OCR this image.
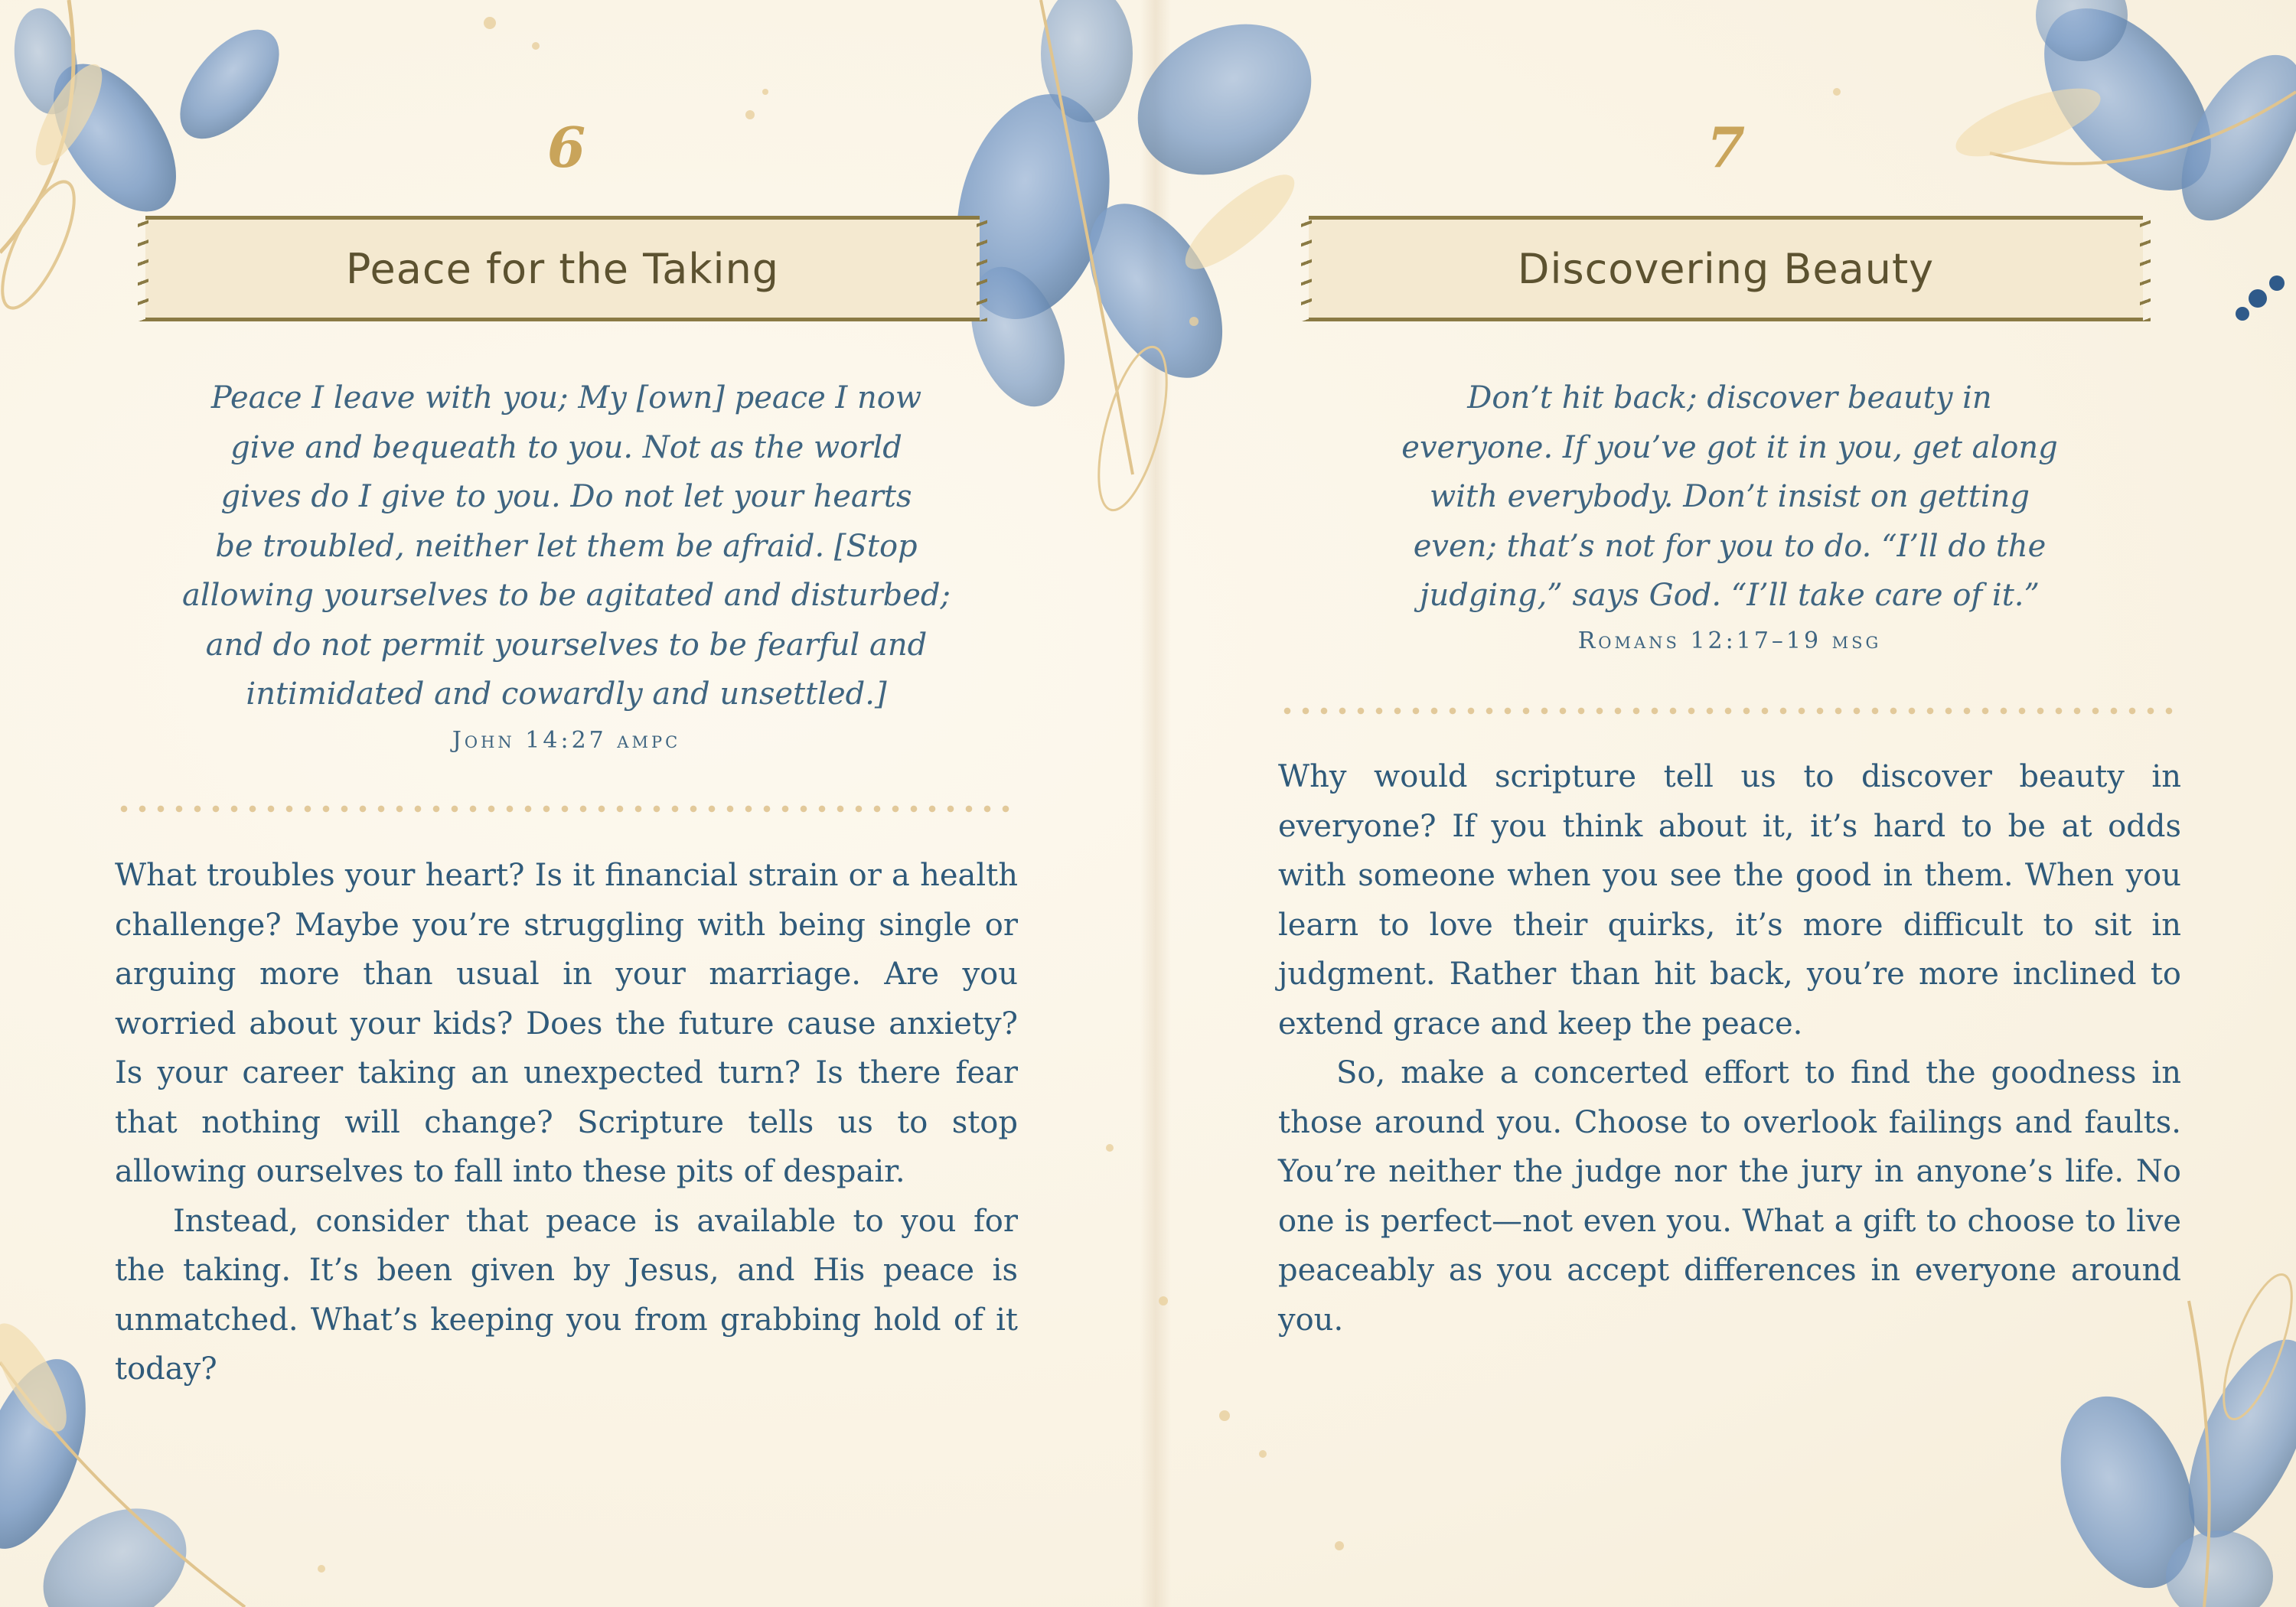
6
Peace for the Taking

Peace I leave with you; My [own] peace I now

give and bequeath to you. Not as the world

gives do I give to you. Do not let your hearts

be troubled, neither let them be afraid. [Stop

allowing yourselves to be agitated and disturbed;

and do not permit yourselves to be fearful and

intimidated and cowardly and unsettled.]

John 14:27 ampc

What troubles your heart? Is it financial strain or a health challenge? Maybe you’re struggling with being single or arguing more than usual in your marriage. Are you worried about your kids? Does the future cause anxiety? Is your career taking an unexpected turn? Is there fear that nothing will change? Scripture tells us to stop allowing ourselves to fall into these pits of despair.

Instead, consider that peace is available to you for the taking. It’s been given by Jesus, and His peace is unmatched. What’s keeping you from grabbing hold of it today?

7
Discovering Beauty

Don’t hit back; discover beauty in

everyone. If you’ve got it in you, get along

with everybody. Don’t insist on getting

even; that’s not for you to do. “I’ll do the

judging,” says God. “I’ll take care of it.”

Romans 12:17–19 msg

Why would scripture tell us to discover beauty in everyone? If you think about it, it’s hard to be at odds with someone when you see the good in them. When you learn to love their quirks, it’s more difficult to sit in judgment. Rather than hit back, you’re more inclined to extend grace and keep the peace.

So, make a concerted effort to find the goodness in those around you. Choose to overlook failings and faults. You’re neither the judge nor the jury in anyone’s life. No one is perfect—not even you. What a gift to choose to live peaceably as you accept differences in everyone around you.
